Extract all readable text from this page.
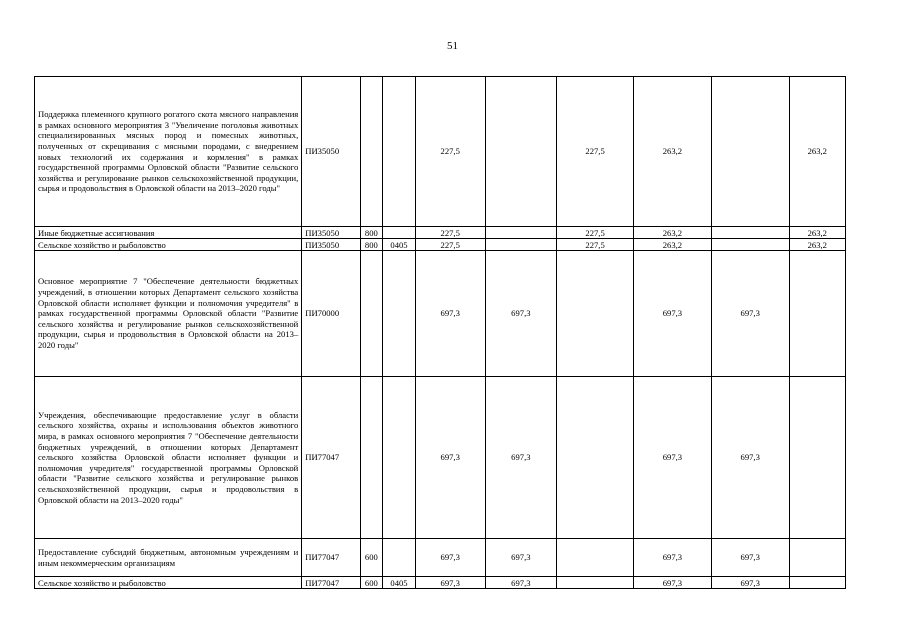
51
Поддержка племенного крупного рогатого скота мясного направления в рамках основного мероприятия 3 "Увеличение поголовья животных специализированных мясных пород и помесных животных, полученных от скрещивания с мясными породами, с внедрением новых технологий их содержания и кормления" в рамках государственной программы Орловской области "Развитие сельского хозяйства и регулирование рынков сельскохозяйственной продукции, сырья и продовольствия в Орловской области на 2013–2020 годы"	ПИ35050			227,5		227,5	263,2		263,2
Иные бюджетные ассигнования	ПИ35050	800		227,5		227,5	263,2		263,2
Сельское хозяйство и рыболовство	ПИ35050	800	0405	227,5		227,5	263,2		263,2
Основное мероприятие 7 "Обеспечение деятельности бюджетных учреждений, в отношении которых Департамент сельского хозяйства Орловской области исполняет функции и полномочия учредителя" в рамках государственной программы Орловской области "Развитие сельского хозяйства и регулирование рынков сельскохозяйственной продукции, сырья и продовольствия в Орловской области на 2013–2020 годы"	ПИ70000			697,3	697,3		697,3	697,3	
Учреждения, обеспечивающие предоставление услуг в области сельского хозяйства, охраны и использования объектов животного мира, в рамках основного мероприятия 7 "Обеспечение деятельности бюджетных учреждений, в отношении которых Департамент сельского хозяйства Орловской области исполняет функции и полномочия учредителя" государственной программы Орловской области "Развитие сельского хозяйства и регулирование рынков сельскохозяйственной продукции, сырья и продовольствия в Орловской области на 2013–2020 годы"	ПИ77047			697,3	697,3		697,3	697,3	
Предоставление субсидий бюджетным, автономным учреждениям и иным некоммерческим организациям	ПИ77047	600		697,3	697,3		697,3	697,3	
Сельское хозяйство и рыболовство	ПИ77047	600	0405	697,3	697,3		697,3	697,3	
